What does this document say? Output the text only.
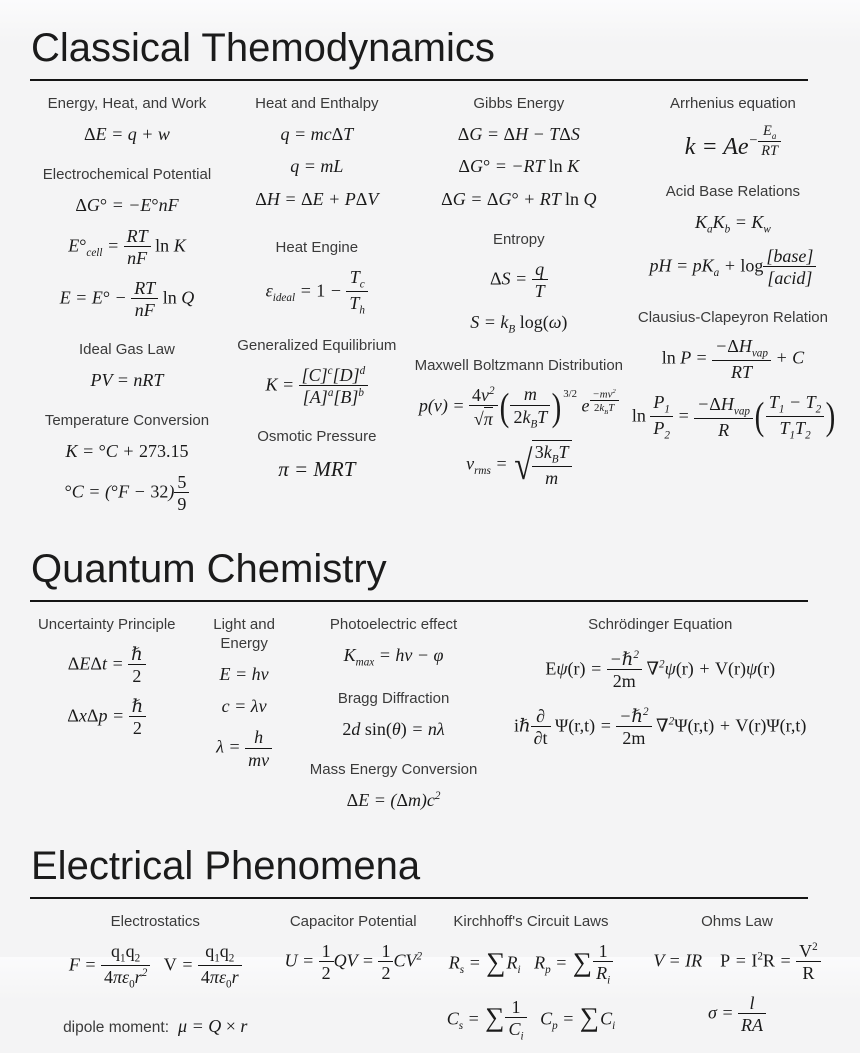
Classical Themodynamics
Energy, Heat, and Work
ΔE = q + w
Electrochemical Potential
ΔG° = −E°nF
$E^\circ_{cell} = \frac{RT}{nF}$ ln K
$E = E^\circ - \frac{RT}{nF}$ ln Q
Ideal Gas Law
PV = nRT
Temperature Conversion
K = °C + 273.15
$^\circ C = (^\circ F - 32) \frac{5}{9}$
Heat and Enthalpy
q = mcΔT
q = mL
ΔH = ΔE + PΔV
Heat Engine
$\varepsilon_{ideal} = 1 - \frac{T_c}{T_h}$
Generalized Equilibrium
$K = \frac{[C]^c[D]^d}{[A]^a[B]^b}$
Osmotic Pressure
π = MRT
Gibbs Energy
ΔG = ΔH − TΔS
ΔG° = −RT ln K
ΔG = ΔG° + RT ln Q
Entropy
$\Delta S = \frac{q}{T}$
$S = k_B$ log(ω)
Maxwell Boltzmann Distribution
$p(v) = \frac{4v^2}{√\pi}$ ( m
$2k_BT$ ) $^{3/2}$ e
$-mv^2$
$2k_BT$
$v_{rms}$ = √ $3k_BT$
m
Arrhenius equation
$k = Ae- \frac{E_a}{RT}$
Acid Base Relations
$K_aK_b = K_w$
pH = $pK_a + \log$ [base]
[acid]
Clausius-Clapeyron Relation
ln P =
$-\Delta H_{vap}$
RT
+ C
$\ln \frac{P_1}{P_2}$ =
$-\Delta H_{vap}$
R ( $\frac{T_1 - T_2}{T_1T_2}$ )
Quantum Chemistry
Uncertainty Principle
ΔEΔt = ℏ
2
ΔxΔp = ℏ
2
Light and Energy
E = hν
c = λν
$\lambda = \frac{h}{mv}$
Photoelectric effect
$K_{max} = h\nu - \varphi$
Bragg Diffraction
2d sin(θ) = nλ
Mass Energy Conversion
$\Delta E = (\Delta m)c^2$
Schrödinger Equation
Eψ(r) = −ℏ$^2$
2m
∇$^2$ψ(r) + V(r)ψ(r)
iℏ ∂
∂t
Ψ(r,t) = −ℏ$^2$
2m
∇$^2$Ψ(r,t) + V(r)Ψ(r,t)
Electrical Phenomena
Electrostatics
$F = \frac{q_1q_2}{4\pi\varepsilon_0r^2}$ $V = \frac{q_1q_2}{4\pi\varepsilon_0r}$
dipole moment:  μ = Q × r
Capacitor Potential
$U = \frac{1}{2}$ QV = $\frac{1}{2} CV^2$
Kirchhoff's Circuit Laws
$R_s = \sum R_i$   $R_p$ = ∑ $\frac{1}{R_i}$
$C_s$ = ∑ $\frac{1}{C_i} C_p = \sum C_i$
Ohms Law
V = IR    $P = I^2R = \frac{V^2}{R}$
$\sigma = \frac{l}{RA}$
